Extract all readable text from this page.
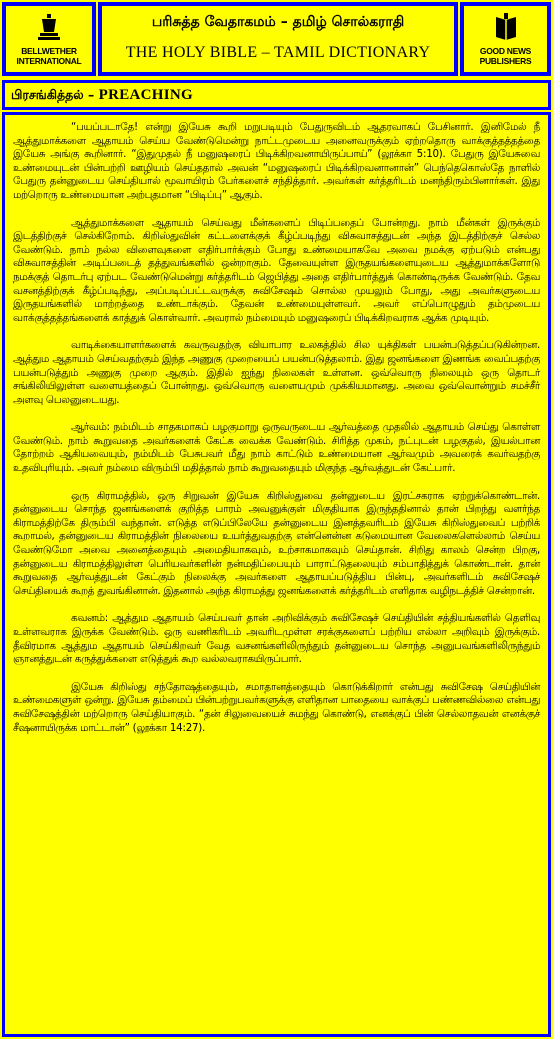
BELLWETHER INTERNATIONAL
பரிசுத்த வேதாகமம் – தமிழ் சொல்கராதி
THE HOLY BIBLE – TAMIL DICTIONARY	GOOD NEWS PUBLISHERS
பிரசங்கித்தல் – PREACHING

“பயப்படாதே! என்று இயேசு கூறி மறுபடியும் பேதுருவிடம் ஆதரவாகப் பேசினார். இனிமேல் நீ ஆத்துமாக்களை ஆதாயம் செய்ய வேண்டுமென்று நாட்டமுடைய அனைவருக்கும் ஏற்றதொரு வாக்குத்தத்தத்தை இயேசு அங்கு கூறினார். “இதுமுதல் நீ மனுஷரைப் பிடிக்கிறவனாயிருப்பாய்” (லூக்கா 5:10). பேதுரு இயேசுவை உண்மையுடன் பின்பற்றி ஊழியம் செய்ததால் அவன் “மனுஷரைப் பிடிக்கிறவனானான்” பெந்தெகொஸ்தே நாளில் பேதுரு தன்னுடைய செய்தியால் மூவாயிரம் பேர்களைச் சந்தித்தார். அவர்கள் கர்த்தரிடம் மனந்திரும்பினார்கள். இது மற்றொரு உண்மையான அற்புதமான “பிடிப்பு” ஆகும்.

ஆத்துமாக்களை ஆதாயம் செய்வது மீன்களைப் பிடிப்பதைப் போன்றது. நாம் மீன்கள் இருக்கும் இடத்திற்குச் செல்கிறோம். கிறிஸ்துவின் கட்டளைக்குக் கீழ்ப்படிந்து விசுவாசத்துடன் அந்த இடத்திற்குச் செல்ல வேண்டும். நாம் நல்ல விளைவுகளை எதிர்பார்க்கும் போது உண்மையாகவே அவை நமக்கு ஏற்படும் என்பது விசுவாசத்தின் அடிப்படைத் தத்துவங்களில் ஒன்றாகும். தேவையுள்ள இருதயங்களையுடைய ஆத்துமாக்களோடு நமக்குத் தொடர்பு ஏற்பட வேண்டுமென்று கர்த்தரிடம் ஜெபித்து அதை எதிர்பார்த்துக் கொண்டிருக்க வேண்டும். தேவ வசனத்திற்குக் கீழ்ப்படிந்து, அப்படிப்பட்டவருக்கு சுவிசேஷம் சொல்ல முயலும் போது, அது அவர்களுடைய இருதயங்களில் மாற்றத்தை உண்டாக்கும். தேவன் உண்மையுள்ளவர். அவர் எப்பொழுதும் தம்முடைய வாக்குத்தத்தங்களைக் காத்துக் கொள்வார். அவரால் நம்மையும் மனுஷரைப் பிடிக்கிறவராக ஆக்க முடியும்.

வாடிக்கையாளர்களைக் கவருவதற்கு வியாபார உலகத்தில் சில யுக்திகள் பயன்படுத்தப்படுகின்றன. ஆத்தும ஆதாயம் செய்வதற்கும் இந்த அணுகு முறையைப் பயன்படுத்தலாம். இது ஜனங்களை இணங்க வைப்பதற்கு பயன்படுத்தும் அணுகு முறை ஆகும். இதில் ஐந்து நிலைகள் உள்ளன. ஒவ்வொரு நிலையும் ஒரு தொடர் சங்கிலியிலுள்ள வளையத்தைப் போன்றது. ஒவ்வொரு வளையமும் முக்கியமானது. அவை ஒவ்வொன்றும் சமச்சீர் அளவு பெலனுடையது.

ஆர்வம்: நம்மிடம் சாதகமாகப் பழகுமாறு ஒருவருடைய ஆர்வத்தை முதலில் ஆதாயம் செய்து கொள்ள வேண்டும். நாம் கூறுவதை அவர்களைக் கேட்க வைக்க வேண்டும். சிரித்த முகம், நட்புடன் பழகுதல், இயல்பான தோற்றம் ஆகியவையும், நம்மிடம் பேசுபவர் மீது நாம் காட்டும் உண்மையான ஆர்வமும் அவரைக் கவர்வதற்கு உதவிபுரியும். அவர் நம்மை விரும்பி மதித்தால் நாம் கூறுவதையும் மிகுந்த ஆர்வத்துடன் கேட்பார்.

ஒரு கிராமத்தில், ஒரு சிறுவன் இயேசு கிறிஸ்துவை தன்னுடைய இரட்சகராக ஏற்றுக்கொண்டான். தன்னுடைய சொந்த ஜனங்களைக் குறித்த பாரம் அவனுக்குள் மிகுதியாக இருந்ததினால் தான் பிறந்து வளர்ந்த கிராமத்திற்கே திரும்பி வந்தான். எடுத்த எடுப்பிலேயே தன்னுடைய இனத்தவரிடம் இயேசு கிறிஸ்துவைப் பற்றிக் கூறாமல், தன்னுடைய கிராமத்தின் நிலையை உயர்த்துவதற்கு என்னென்ன கடுமையான வேலைகளெல்லாம் செய்ய வேண்டுமோ அவை அனைத்தையும் அமைதியாகவும், உற்சாகமாகவும் செய்தான். சிறிது காலம் சென்ற பிறகு, தன்னுடைய கிராமத்திலுள்ள பெரியவர்களின் நன்மதிப்பையும் பாராட்டுதலையும் சம்பாதித்துக் கொண்டான். தான் கூறுவதை ஆர்வத்துடன் கேட்கும் நிலைக்கு அவர்களை ஆதாயப்படுத்திய பின்பு, அவர்களிடம் சுவிசேஷச் செய்தியைக் கூறத் துவங்கினான். இதனால் அந்த கிராமத்து ஜனங்களைக் கர்த்தரிடம் எளிதாக வழிநடத்திச் சென்றான்.

கவனம்: ஆத்தும ஆதாயம் செய்பவர் தான் அறிவிக்கும் சுவிசேஷச் செய்தியின் சத்தியங்களில் தெளிவு உள்ளவராக இருக்க வேண்டும். ஒரு வணிகரிடம் அவரிடமுள்ள சரக்குகளைப் பற்றிய எல்லா அறிவும் இருக்கும். தீவிரமாக ஆத்தும ஆதாயம் செய்கிறவர் வேத வசனங்களிலிருந்தும் தன்னுடைய சொந்த அனுபவங்களிலிருந்தும் ஞானத்துடன் கருத்துக்களை எடுத்துக் கூற வல்லவராகயிருப்பார்.

இயேசு கிறிஸ்து சந்தோஷத்தையும், சமாதானத்தையும் கொடுக்கிறார் என்பது சுவிசேஷ செய்தியின் உண்மைகளுள் ஒன்று. இயேசு தம்மைப் பின்பற்றுபவர்களுக்கு எளிதான பாதையை வாக்குப் பண்ணவில்லை என்பது சுவிசேஷத்தின் மற்றொரு செய்தியாகும். “தன் சிலுவையைச் சுமந்து கொண்டு, எனக்குப் பின் செல்லாதவன் எனக்குச் சீஷனாயிருக்க மாட்டான்” (லூக்கா 14:27).
